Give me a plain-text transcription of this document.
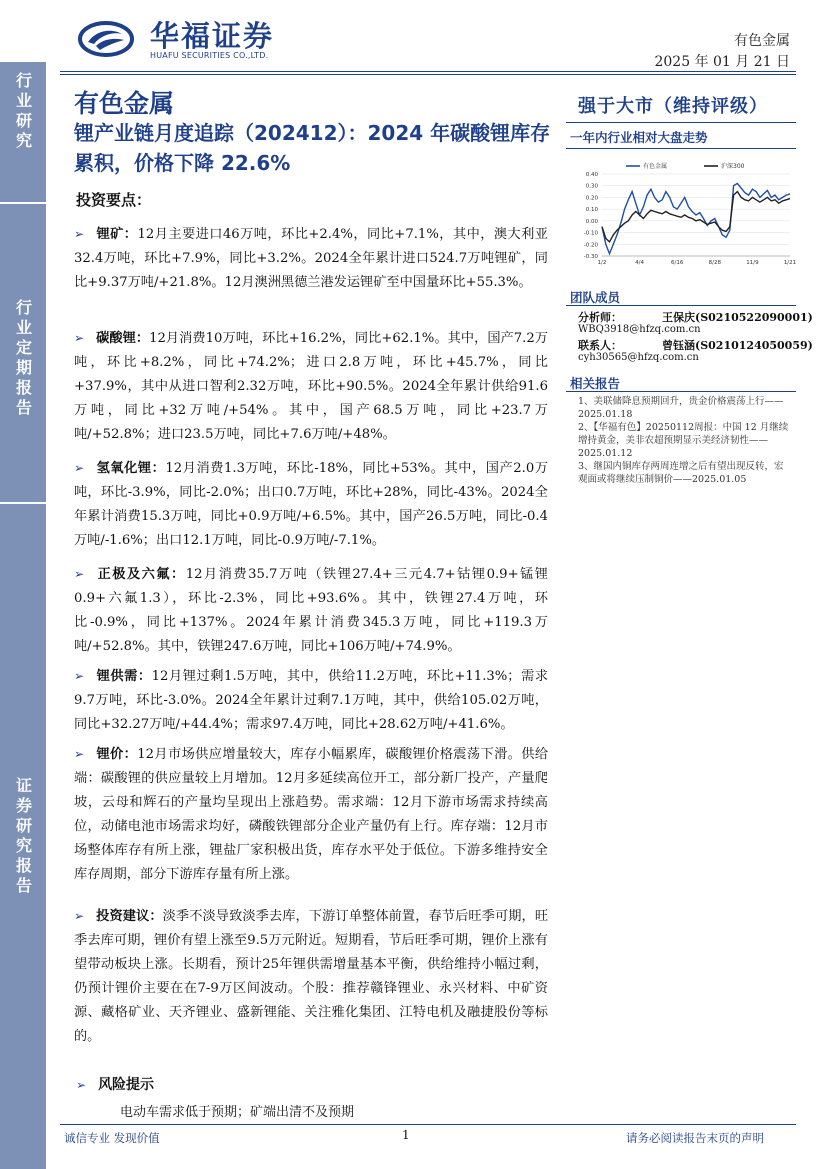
行业研究
行业定期报告
证券研究报告
华福证券
HUAFU SECURITIES CO.,LTD.
有色金属
2025 年 01 月 21 日
有色金属
锂产业链月度追踪（202412）：2024 年碳酸锂库存累积，价格下降 22.6%
投资要点：
➢ 锂矿：12月主要进口46万吨，环比+2.4%，同比+7.1%，其中，澳大利亚32.4万吨，环比+7.9%，同比+3.2%。2024全年累计进口524.7万吨锂矿，同比+9.37万吨/+21.8%。12月澳洲黑德兰港发运锂矿至中国量环比+55.3%。
➢ 碳酸锂：12月消费10万吨，环比+16.2%，同比+62.1%。其中，国产7.2万吨，环比+8.2%，同比+74.2%；进口2.8万吨，环比+45.7%，同比+37.9%，其中从进口智利2.32万吨，环比+90.5%。2024全年累计供给91.6万吨，同比+32万吨/+54%。其中，国产68.5万吨，同比+23.7万吨/+52.8%；进口23.5万吨，同比+7.6万吨/+48%。
➢ 氢氧化锂：12月消费1.3万吨，环比-18%，同比+53%。其中，国产2.0万吨，环比-3.9%，同比-2.0%；出口0.7万吨，环比+28%，同比-43%。2024全年累计消费15.3万吨，同比+0.9万吨/+6.5%。其中，国产26.5万吨，同比-0.4万吨/-1.6%；出口12.1万吨，同比-0.9万吨/-7.1%。
➢ 正极及六氟：12月消费35.7万吨（铁锂27.4+三元4.7+钴锂0.9+锰锂0.9+六氟1.3），环比-2.3%，同比+93.6%。其中，铁锂27.4万吨，环比-0.9%，同比+137%。2024年累计消费345.3万吨，同比+119.3万吨/+52.8%。其中，铁锂247.6万吨，同比+106万吨/+74.9%。
➢ 锂供需：12月锂过剩1.5万吨，其中，供给11.2万吨，环比+11.3%；需求9.7万吨，环比-3.0%。2024全年累计过剩7.1万吨，其中，供给105.02万吨，同比+32.27万吨/+44.4%；需求97.4万吨，同比+28.62万吨/+41.6%。
➢ 锂价：12月市场供应增量较大，库存小幅累库，碳酸锂价格震荡下滑。供给端：碳酸锂的供应量较上月增加。12月多延续高位开工，部分新厂投产，产量爬坡，云母和辉石的产量均呈现出上涨趋势。需求端：12月下游市场需求持续高位，动储电池市场需求均好，磷酸铁锂部分企业产量仍有上行。库存端：12月市场整体库存有所上涨，锂盐厂家积极出货，库存水平处于低位。下游多维持安全库存周期，部分下游库存量有所上涨。
➢ 投资建议：淡季不淡导致淡季去库，下游订单整体前置，春节后旺季可期，旺季去库可期，锂价有望上涨至9.5万元附近。短期看，节后旺季可期，锂价上涨有望带动板块上涨。长期看，预计25年锂供需增量基本平衡，供给维持小幅过剩，仍预计锂价主要在在7-9万区间波动。个股：推荐赣锋锂业、永兴材料、中矿资源、藏格矿业、天齐锂业、盛新锂能、关注雅化集团、江特电机及融捷股份等标的。
➢ 风险提示
电动车需求低于预期；矿端出清不及预期
强于大市（维持评级）
一年内行业相对大盘走势
0.40
0.30
0.20
0.10
0.00
-0.10
-0.20
-0.30
1/2	4/4	6/16	8/28	11/9	1/21
有色金属	沪深300
团队成员
分析师：	王保庆(S0210522090001)
WBQ3918@hfzq.com.cn
联系人：	曾钰涵(S0210124050059)
cyh30565@hfzq.com.cn
相关报告
1、美联储降息预期回升，贵金价格震荡上行——2025.01.18
2、【华福有色】20250112周报：中国 12 月继续增持黄金，美非农超预期显示美经济韧性——2025.01.12
3、继国内铜库存两周连增之后有望出现反转，宏观面或将继续压制铜价——2025.01.05
诚信专业 发现价值	1	请务必阅读报告末页的声明
